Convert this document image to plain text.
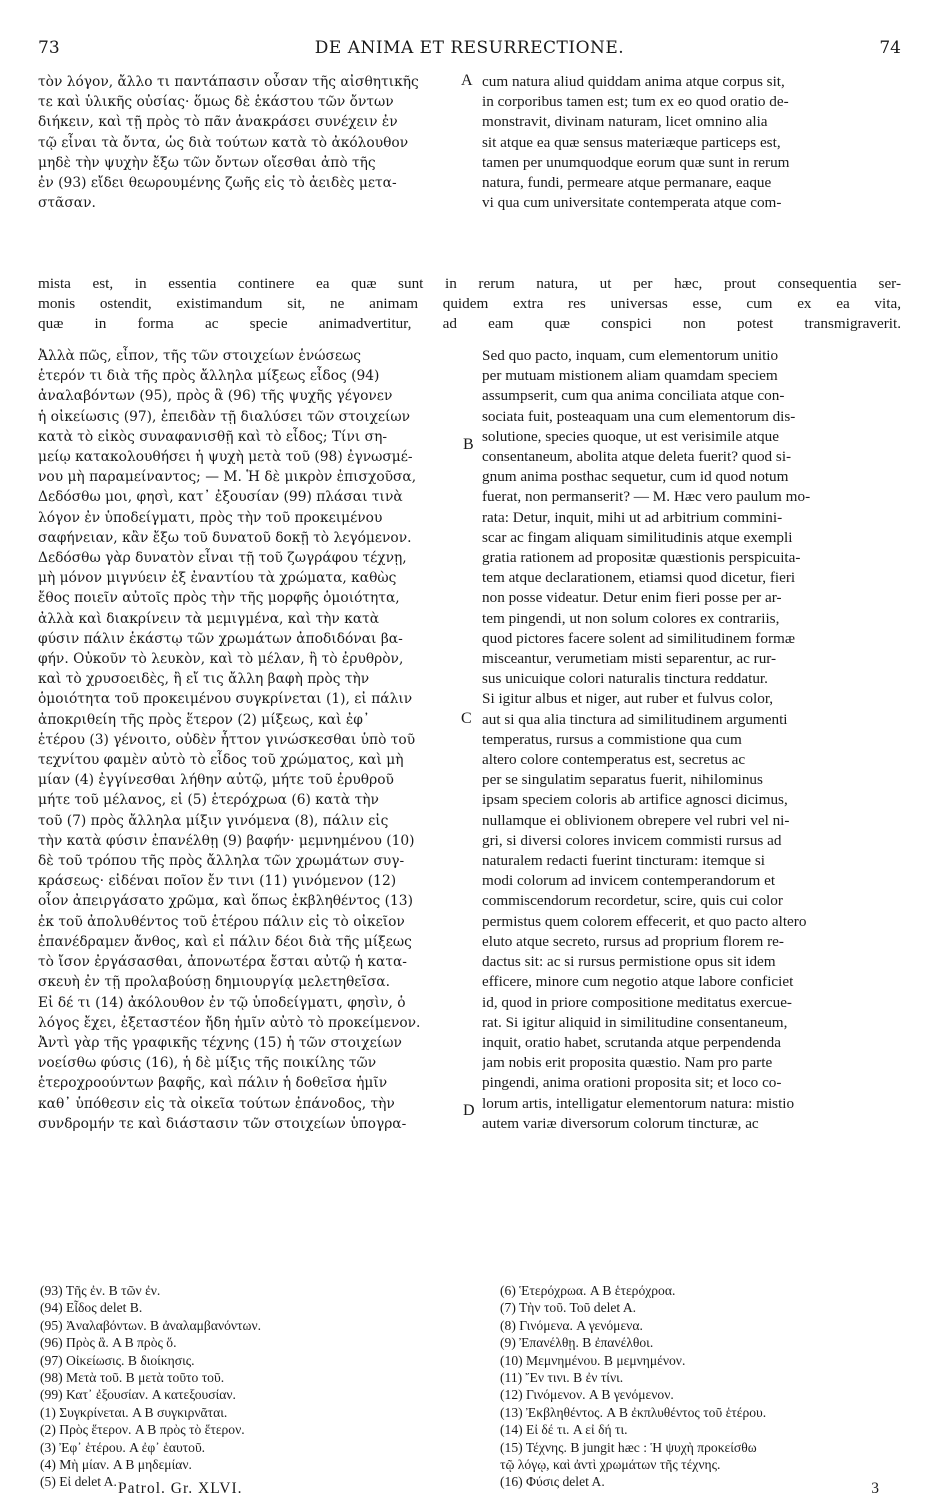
73	DE ANIMA ET RESURRECTIONE.	74
τὸν λόγον, ἄλλο τι παντάπασιν οὖσαν τῆς αἰσθητικῆς
τε καὶ ὑλικῆς οὐσίας· ὅμως δὲ ἑκάστου τῶν ὄντων
διήκειν, καὶ τῇ πρὸς τὸ πᾶν ἀνακράσει συνέχειν ἐν
τῷ εἶναι τὰ ὄντα, ὡς διὰ τούτων κατὰ τὸ ἀκόλουθον
μηδὲ τὴν ψυχὴν ἔξω τῶν ὄντων οἴεσθαι ἀπὸ τῆς
ἐν (93) εἴδει θεωρουμένης ζωῆς εἰς τὸ ἀειδὲς μετα-
στᾶσαν.
cum natura aliud quiddam anima atque corpus sit,
in corporibus tamen est; tum ex eo quod oratio de-
monstravit, divinam naturam, licet omnino alia
sit atque ea quæ sensus materiæque particeps est,
tamen per unumquodque eorum quæ sunt in rerum
natura, fundi, permeare atque permanare, eaque
vi qua cum universitate contemperata atque com-
mista est, in essentia continere ea quæ sunt in rerum natura, ut per hæc, prout consequentia ser-
monis ostendit, existimandum sit, ne animam quidem extra res universas esse, cum ex ea vita,
quæ in forma ac specie animadvertitur, ad eam quæ conspici non potest transmigraverit.
Ἀλλὰ πῶς, εἶπον, τῆς τῶν στοιχείων ἑνώσεως
ἑτερόν τι διὰ τῆς πρὸς ἄλληλα μίξεως εἶδος (94)
ἀναλαβόντων (95), πρὸς ἃ (96) τῆς ψυχῆς γέγονεν
ἡ οἰκείωσις (97), ἐπειδὰν τῇ διαλύσει τῶν στοιχείων
κατὰ τὸ εἰκὸς συναφανισθῇ καὶ τὸ εἶδος; Τίνι ση-
μείῳ κατακολουθήσει ἡ ψυχὴ μετὰ τοῦ (98) ἐγνωσμέ-
νου μὴ παραμείναντος; — Μ. Ἡ δὲ μικρὸν ἐπισχοῦσα,
Δεδόσθω μοι, φησὶ, κατ᾽ ἐξουσίαν (99) πλάσαι τινὰ
λόγον ἐν ὑποδείγματι, πρὸς τὴν τοῦ προκειμένου
σαφήνειαν, κἂν ἔξω τοῦ δυνατοῦ δοκῇ τὸ λεγόμενον.
Δεδόσθω γὰρ δυνατὸν εἶναι τῇ τοῦ ζωγράφου τέχνῃ,
μὴ μόνον μιγνύειν ἐξ ἐναντίου τὰ χρώματα, καθὼς
ἔθος ποιεῖν αὐτοῖς πρὸς τὴν τῆς μορφῆς ὁμοιότητα,
ἀλλὰ καὶ διακρίνειν τὰ μεμιγμένα, καὶ τὴν κατὰ
φύσιν πάλιν ἑκάστῳ τῶν χρωμάτων ἀποδιδόναι βα-
φήν. Οὐκοῦν τὸ λευκὸν, καὶ τὸ μέλαν, ἢ τὸ ἐρυθρὸν,
καὶ τὸ χρυσοειδὲς, ἢ εἴ τις ἄλλη βαφὴ πρὸς τὴν
ὁμοιότητα τοῦ προκειμένου συγκρίνεται (1), εἰ πάλιν
ἀποκριθείη τῆς πρὸς ἕτερον (2) μίξεως, καὶ ἐφ᾽
ἑτέρου (3) γένοιτο, οὐδὲν ἧττον γινώσκεσθαι ὑπὸ τοῦ
τεχνίτου φαμὲν αὐτὸ τὸ εἶδος τοῦ χρώματος, καὶ μὴ
μίαν (4) ἐγγίνεσθαι λήθην αὐτῷ, μήτε τοῦ ἐρυθροῦ
μήτε τοῦ μέλανος, εἰ (5) ἑτερόχρωα (6) κατὰ τὴν
τοῦ (7) πρὸς ἄλληλα μίξιν γινόμενα (8), πάλιν εἰς
τὴν κατὰ φύσιν ἐπανέλθῃ (9) βαφήν· μεμνημένου (10)
δὲ τοῦ τρόπου τῆς πρὸς ἄλληλα τῶν χρωμάτων συγ-
κράσεως· εἰδέναι ποῖον ἔν τινι (11) γινόμενον (12)
οἷον ἀπειργάσατο χρῶμα, καὶ ὅπως ἐκβληθέντος (13)
ἐκ τοῦ ἀπολυθέντος τοῦ ἑτέρου πάλιν εἰς τὸ οἰκεῖον
ἐπανέδραμεν ἄνθος, καὶ εἰ πάλιν δέοι διὰ τῆς μίξεως
τὸ ἴσον ἐργάσασθαι, ἀπονωτέρα ἔσται αὐτῷ ἡ κατα-
σκευὴ ἐν τῇ προλαβούσῃ δημιουργίᾳ μελετηθεῖσα.
Εἰ δέ τι (14) ἀκόλουθον ἐν τῷ ὑποδείγματι, φησὶν, ὁ
λόγος ἔχει, ἐξεταστέον ἤδη ἡμῖν αὐτὸ τὸ προκείμενον.
Ἀντὶ γὰρ τῆς γραφικῆς τέχνης (15) ἡ τῶν στοιχείων
νοείσθω φύσις (16), ἡ δὲ μίξις τῆς ποικίλης τῶν
ἑτεροχροούντων βαφῆς, καὶ πάλιν ἡ δοθεῖσα ἡμῖν
καθ᾽ ὑπόθεσιν εἰς τὰ οἰκεῖα τούτων ἐπάνοδος, τὴν
συνδρομήν τε καὶ διάστασιν τῶν στοιχείων ὑπογρα-
Sed quo pacto, inquam, cum elementorum unitio
per mutuam mistionem aliam quamdam speciem
assumpserit, cum qua anima conciliata atque con-
sociata fuit, posteaquam una cum elementorum dis-
solutione, species quoque, ut est verisimile atque
consentaneum, abolita atque deleta fuerit? quod si-
gnum anima posthac sequetur, cum id quod notum
fuerat, non permanserit? — M. Hæc vero paulum mo-
rata: Detur, inquit, mihi ut ad arbitrium commini-
scar ac fingam aliquam similitudinis atque exempli
gratia rationem ad propositæ quæstionis perspicuita-
tem atque declarationem, etiamsi quod dicetur, fieri
non posse videatur. Detur enim fieri posse per ar-
tem pingendi, ut non solum colores ex contrariis,
quod pictores facere solent ad similitudinem formæ
misceantur, verumetiam misti separentur, ac rur-
sus unicuique colori naturalis tinctura reddatur.
Si igitur albus et niger, aut ruber et fulvus color,
aut si qua alia tinctura ad similitudinem argumenti
temperatus, rursus a commistione qua cum
altero colore contemperatus est, secretus ac
per se singulatim separatus fuerit, nihilominus
ipsam speciem coloris ab artifice agnosci dicimus,
nullamque ei oblivionem obrepere vel rubri vel ni-
gri, si diversi colores invicem commisti rursus ad
naturalem redacti fuerint tincturam: itemque si
modi colorum ad invicem contemperandorum et
commiscendorum recordetur, scire, quis cui color
permistus quem colorem effecerit, et quo pacto altero
eluto atque secreto, rursus ad proprium florem re-
dactus sit: ac si rursus permistione opus sit idem
efficere, minore cum negotio atque labore conficiet
id, quod in priore compositione meditatus exercue-
rat. Si igitur aliquid in similitudine consentaneum,
inquit, oratio habet, scrutanda atque perpendenda
jam nobis erit proposita quæstio. Nam pro parte
pingendi, anima orationi proposita sit; et loco co-
lorum artis, intelligatur elementorum natura: mistio
autem variæ diversorum colorum tincturæ, ac
A
B
C
D
(93) Τῆς ἐν. B τῶν ἐν.
(94) Εἶδος delet B.
(95) Ἀναλαβόντων. B ἀναλαμβανόντων.
(96) Πρὸς ἃ. A B πρὸς ὅ.
(97) Οἰκείωσις. B διοίκησις.
(98) Μετὰ τοῦ. B μετὰ τοῦτο τοῦ.
(99) Κατ᾽ ἐξουσίαν. A κατεξουσίαν.
(1) Συγκρίνεται. A B συγκιρνᾶται.
(2) Πρὸς ἕτερον. A B πρὸς τὸ ἕτερον.
(3) Ἐφ᾽ ἑτέρου. A ἐφ᾽ ἑαυτοῦ.
(4) Μὴ μίαν. A B μηδεμίαν.
(5) Εἰ delet A.
(6) Ἑτερόχρωα. A B ἑτερόχροα.
(7) Τὴν τοῦ. Τοῦ delet A.
(8) Γινόμενα. A γενόμενα.
(9) Ἐπανέλθῃ. B ἐπανέλθοι.
(10) Μεμνημένου. B μεμνημένον.
(11) Ἔν τινι. B ἐν τίνι.
(12) Γινόμενον. A B γενόμενον.
(13) Ἐκβληθέντος. A B ἐκπλυθέντος τοῦ ἑτέρου.
(14) Εἰ δέ τι. A εἰ δή τι.
(15) Τέχνης. B jungit hæc : Ἡ ψυχὴ προκείσθω
τῷ λόγῳ, καὶ ἀντὶ χρωμάτων τῆς τέχνης.
(16) Φύσις delet A.
Patrol. Gr. XLVI.	3
